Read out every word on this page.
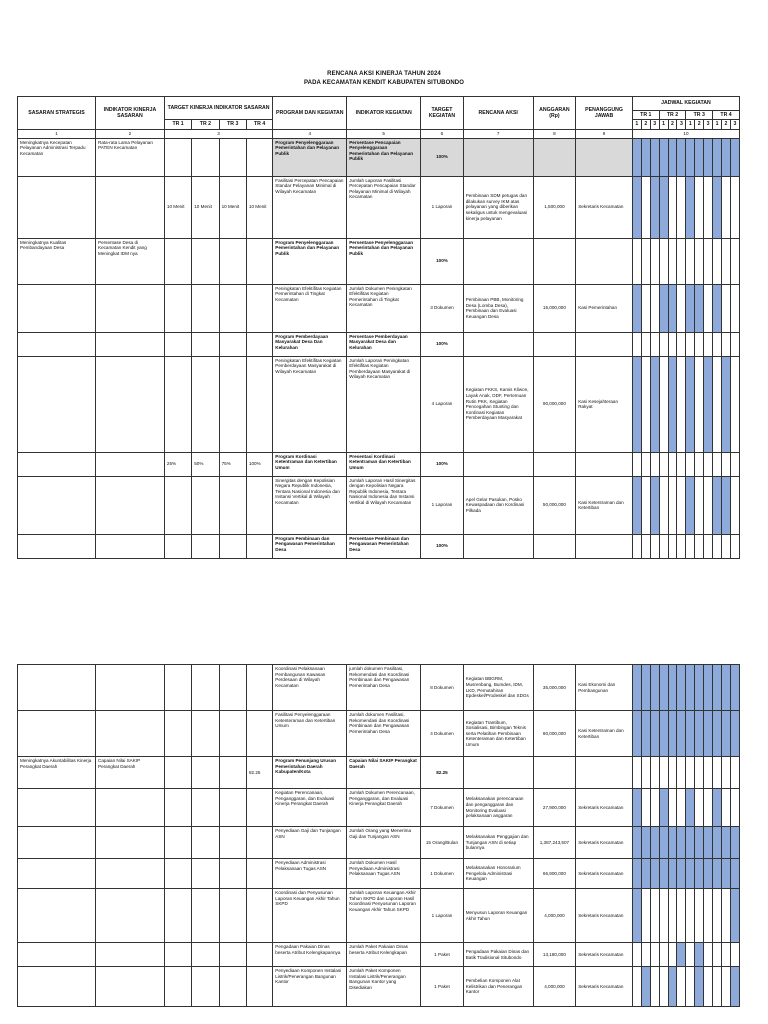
RENCANA AKSI KINERJA TAHUN 2024
PADA KECAMATAN KENDIT KABUPATEN SITUBONDO
SASARAN STRATEGIS	INDIKATOR KINERJA SASARAN	TARGET KINERJA INDIKATOR SASARAN				PROGRAM DAN KEGIATAN	INDIKATOR KEGIATAN	TARGET KEGIATAN	RENCANA AKSI	ANGGARAN (Rp)	PENANGGUNG JAWAB	JADWAL KEGIATAN											
												TR 1			TR 2			TR 3			TR 4		
		TR 1	TR 2	TR 3	TR 4							1	2	3	1	2	3	1	2	3	1	2	3
1	2	3				4	5	6	7	8	9	10											
Meningkatnya Kecepatan Pelayanan Administrasi Terpadu Kecamatan	Rata-rata Lama Pelayanan PATEN Kecamatan					Program Penyelenggaraan Pemerintahan dan Pelayanan Publik	Persentase Pencapaian Penyelenggaraan Pemerintahan dan Pelayanan Publik	100%															
		10 Menit	10 Menit	10 Menit	10 Menit	Fasilitasi Percepatan Pencapaian Standar Pelayanan Minimal di Wilayah Kecamatan	Jumlah Laporan Fasilitasi Percepatan Pencapaian Standar Pelayanan Minimal di Wilayah Kecamatan	1 Laporan	Pembinaan SDM petugas dan dilakukan survey IKM atas pelayanan yang diberikan sekaligus untuk mengevaluasi kinerja pelayanan	1,500,000	Sekretaris Kecamatan												
Meningkatnya Kualitas Pembandayaan Desa	Persentase Desa di Kecamatan Kendit yang Meningkat IDM nya					Program Penyelenggaraan Pemerintahan dan Pelayanan Publik	Persentase Penyelenggaraan Pemerintahan dan Pelayanan Publik	100%															
						Peningkatan Efektifitas Kegiatan Pemerintahan di Tingkat Kecamatan	Jumlah Dokumen Peningkatan Efektifitas Kegiatan Pemerintahan di Tingkat Kecamatan	3 Dokumen	Pembinaan PBB, Monitoring Desa (Lomba Desa), Pembinaan dan Evaluasi Keuangan Desa	15,000,000	Kasi Pemerintahan												
						Program Pemberdayaan Masyarakat Desa Dan Kelurahan	Persentase Pemberdayaan Masyarakat Desa dan Kelurahan	100%															
						Peningkatan Efektifitas Kegiatan Pemberdayaan Masyarakat di Wilayah Kecamatan	Jumlah Laporan Peningkatan Efektifitas Kegiatan Pemberdayaan Masyarakat di Wilayah Kecamatan	4 Laporan	Kegiatan FKKS, Kamis Kliwon, Layak Anak, ODF, Pertemuan Rutin PKK, Kegiatan Pencegahan Stunting dan Kordinasi Kegiatan Pemberdayaan Masyarakat	90,000,000	Kasi Kesejahteraan Rakyat												
		25%	50%	75%	100%	Program Kordinasi Ketentraman dan Ketertiban Umum	Presentasi Kordinasi Ketentraman dan Ketertiban Umum	100%															
						Sinergitas dengan Kepolisian Negara Republik Indonesia, Tentara Nasional Indonesia dan Instansi Vertikal di Wilayah Kecamatan	Jumlah Laporan Hasil Sinergitas dengan Kepolisian Negara Republik Indonesia, Tentara Nasional Indonesia dan Instansi Vertikal di Wilayah Kecamatan	1 Laporan	Apel Gelar Pasukan, Posko Kewaspadaan dan Kordinasi Pilkada	50,000,000	Kasi Ketentraman dan Ketertiban												
						Program Pembinaan dan Pengawasan Pemerintahan Desa	Persentase Pembinaan dan Pengawasan Pemerintahan Desa	100%															
						Koordinasi Pelaksanaan Pembangunan Kawasan Perdesaan di Wilayah Kecamatan	jumlah dokumen Fasilitasi, Rekomendasi dan Koordinasi Pembinaan dan Pengawasan Pemerintahan Desa	8 Dokumen	Kegiatan BBGRM, Musrenbang, Bumdes, IDM, LKD, Pemutahiran Epdeskel/Prodeskel dan SDGs	35,000,000	Kasi Ekonomi dan Pembangunan												
						Fasilitasi Penyelenggaraan Ketenteraman dan Ketertiban Umum	Jumlah dokumen Fasilitasi, Rekomendasi dan Koordinasi Pembinaan dan Pengawasan Pemerintahan Desa	4 Dokumen	Kegiatan Trantibum, Sosialisasi, Bimbingan Teknis serta Pelatihan Pembinaan Ketenteraman dan Ketertiban Umum	80,000,000	Kasi Ketentraman dan Ketertiban												
Meningkatnya Akuntabilitas Kinerja Perangkat Daerah	Capaian Nilai SAKIP Perangkat Daerah				82.25	Program Penunjang Urusan Pemerintahan Daerah Kabupaten/Kota	Capaian Nilai SAKIP Perangkat Daerah	82.25															
						Kegiatan Perencanaan, Penganggaran, dan Evaluasi Kinerja Perangkat Daerah	Jumlah Dokumen Perencanaan, Penganggaran, dan Evaluasi Kinerja Perangkat Daerah	7 Dokumen	Melaksanakan perencanaan dan penganggaran dan Monitoring Evaluasi pelaksanaan anggaran	27,900,000	Sekretaris Kecamatan												
						Penyediaan Gaji dan Tunjangan ASN	Jumlah Orang yang Menerima Gaji dan Tunjangan ASN	15 Orang/Bulan	Melaksanakan Penggajian dan Tunjangan ASN di setiap bulannya	1,387,243,507	Sekretaris Kecamatan												
						Penyediaan Administrasi Pelaksanaan Tugas ASN	Jumlah Dokumen Hasil Penyediaan Administrasi Pelaksanaan Tugas ASN	1 Dokumen	Melaksanakan Honorarium Pengelola Administrasi Keuangan	66,900,000	Sekretaris Kecamatan												
						Koordinasi dan Penyusunan Laporan Keuangan Akhir Tahun SKPD	Jumlah Laporan Keuangan Akhir Tahun SKPD dan Laporan Hasil Koordinasi Penyusunan Laporan Keuangan Akhir Tahun SKPD	1 Laporan	Menyusun Laporan Keuangan Akhir Tahun	4,000,000	Sekretaris Kecamatan												
						Pengadaan Pakaian Dinas beserta Atribut Kelengkapannya	Jumlah Paket Pakaian Dinas beserta Atribut Kelengkapan	1 Paket	Pengadaan Pakaian Dinas dan Batik Tradisional Situbondo	13,180,000	Sekretaris Kecamatan												
						Penyediaan Komponen Instalasi Listrik/Penerangan Bangunan Kantor	Jumlah Paket Komponen Instalasi Listrik/Penerangan Bangunan Kantor yang Disediakan	1 Paket	Pembelian Komponen Alat Kelistrikan dan Penerangan Kantor	4,000,000	Sekretaris Kecamatan												
